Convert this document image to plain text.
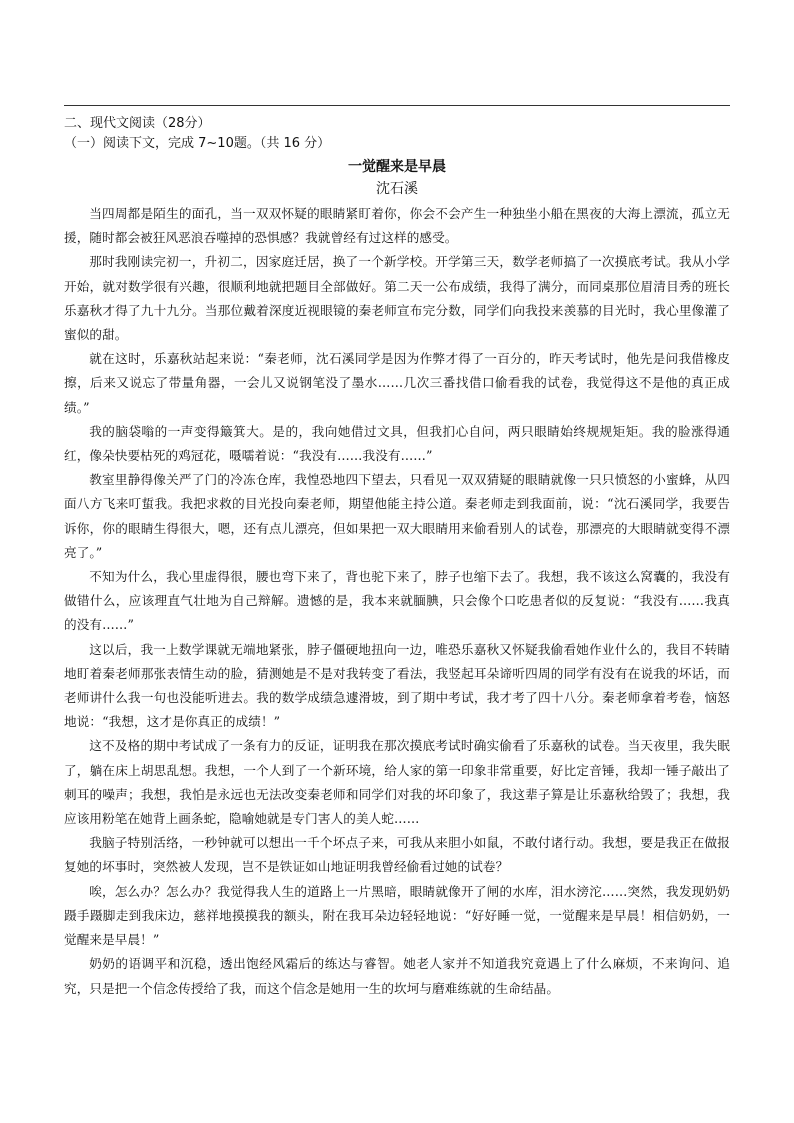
二、现代文阅读（28分）

（一）阅读下文，完成 7~10题。（共 16 分）

一觉醒来是早晨

沈石溪

当四周都是陌生的面孔，当一双双怀疑的眼睛紧盯着你，你会不会产生一种独坐小船在黑夜的大海上漂流，孤立无援，随时都会被狂风恶浪吞噬掉的恐惧感？我就曾经有过这样的感受。

那时我刚读完初一，升初二，因家庭迁居，换了一个新学校。开学第三天，数学老师搞了一次摸底考试。我从小学开始，就对数学很有兴趣，很顺利地就把题目全部做好。第二天一公布成绩，我得了满分，而同桌那位眉清目秀的班长乐嘉秋才得了九十九分。当那位戴着深度近视眼镜的秦老师宣布完分数，同学们向我投来羡慕的目光时，我心里像灌了蜜似的甜。

就在这时，乐嘉秋站起来说：“秦老师，沈石溪同学是因为作弊才得了一百分的，昨天考试时，他先是问我借橡皮擦，后来又说忘了带量角器，一会儿又说钢笔没了墨水……几次三番找借口偷看我的试卷，我觉得这不是他的真正成绩。”

我的脑袋嗡的一声变得簸箕大。是的，我向她借过文具，但我扪心自问，两只眼睛始终规规矩矩。我的脸涨得通红，像朵快要枯死的鸡冠花，嗫嚅着说：“我没有……我没有……”

教室里静得像关严了门的冷冻仓库，我惶恐地四下望去，只看见一双双猜疑的眼睛就像一只只愤怒的小蜜蜂，从四面八方飞来叮蜇我。我把求救的目光投向秦老师，期望他能主持公道。秦老师走到我面前，说：“沈石溪同学，我要告诉你，你的眼睛生得很大，嗯，还有点儿漂亮，但如果把一双大眼睛用来偷看别人的试卷，那漂亮的大眼睛就变得不漂亮了。”

不知为什么，我心里虚得很，腰也弯下来了，背也驼下来了，脖子也缩下去了。我想，我不该这么窝囊的，我没有做错什么，应该理直气壮地为自己辩解。遗憾的是，我本来就腼腆，只会像个口吃患者似的反复说：“我没有……我真的没有……”

这以后，我一上数学课就无端地紧张，脖子僵硬地扭向一边，唯恐乐嘉秋又怀疑我偷看她作业什么的，我目不转睛地盯着秦老师那张表情生动的脸，猜测她是不是对我转变了看法，我竖起耳朵谛听四周的同学有没有在说我的坏话，而老师讲什么我一句也没能听进去。我的数学成绩急遽滑坡，到了期中考试，我才考了四十八分。秦老师拿着考卷，恼怒地说：“我想，这才是你真正的成绩！”

这不及格的期中考试成了一条有力的反证，证明我在那次摸底考试时确实偷看了乐嘉秋的试卷。当天夜里，我失眠了，躺在床上胡思乱想。我想，一个人到了一个新环境，给人家的第一印象非常重要，好比定音锤，我却一锤子敲出了刺耳的噪声；我想，我怕是永远也无法改变秦老师和同学们对我的坏印象了，我这辈子算是让乐嘉秋给毁了；我想，我应该用粉笔在她背上画条蛇，隐喻她就是专门害人的美人蛇……

我脑子特别活络，一秒钟就可以想出一千个坏点子来，可我从来胆小如鼠，不敢付诸行动。我想，要是我正在做报复她的坏事时，突然被人发现，岂不是铁证如山地证明我曾经偷看过她的试卷？

唉，怎么办？怎么办？我觉得我人生的道路上一片黑暗，眼睛就像开了闸的水库，泪水滂沱……突然，我发现奶奶蹑手蹑脚走到我床边，慈祥地摸摸我的额头，附在我耳朵边轻轻地说：“好好睡一觉，一觉醒来是早晨！相信奶奶，一觉醒来是早晨！”

奶奶的语调平和沉稳，透出饱经风霜后的练达与睿智。她老人家并不知道我究竟遇上了什么麻烦，不来询问、追究，只是把一个信念传授给了我，而这个信念是她用一生的坎坷与磨难练就的生命结晶。
